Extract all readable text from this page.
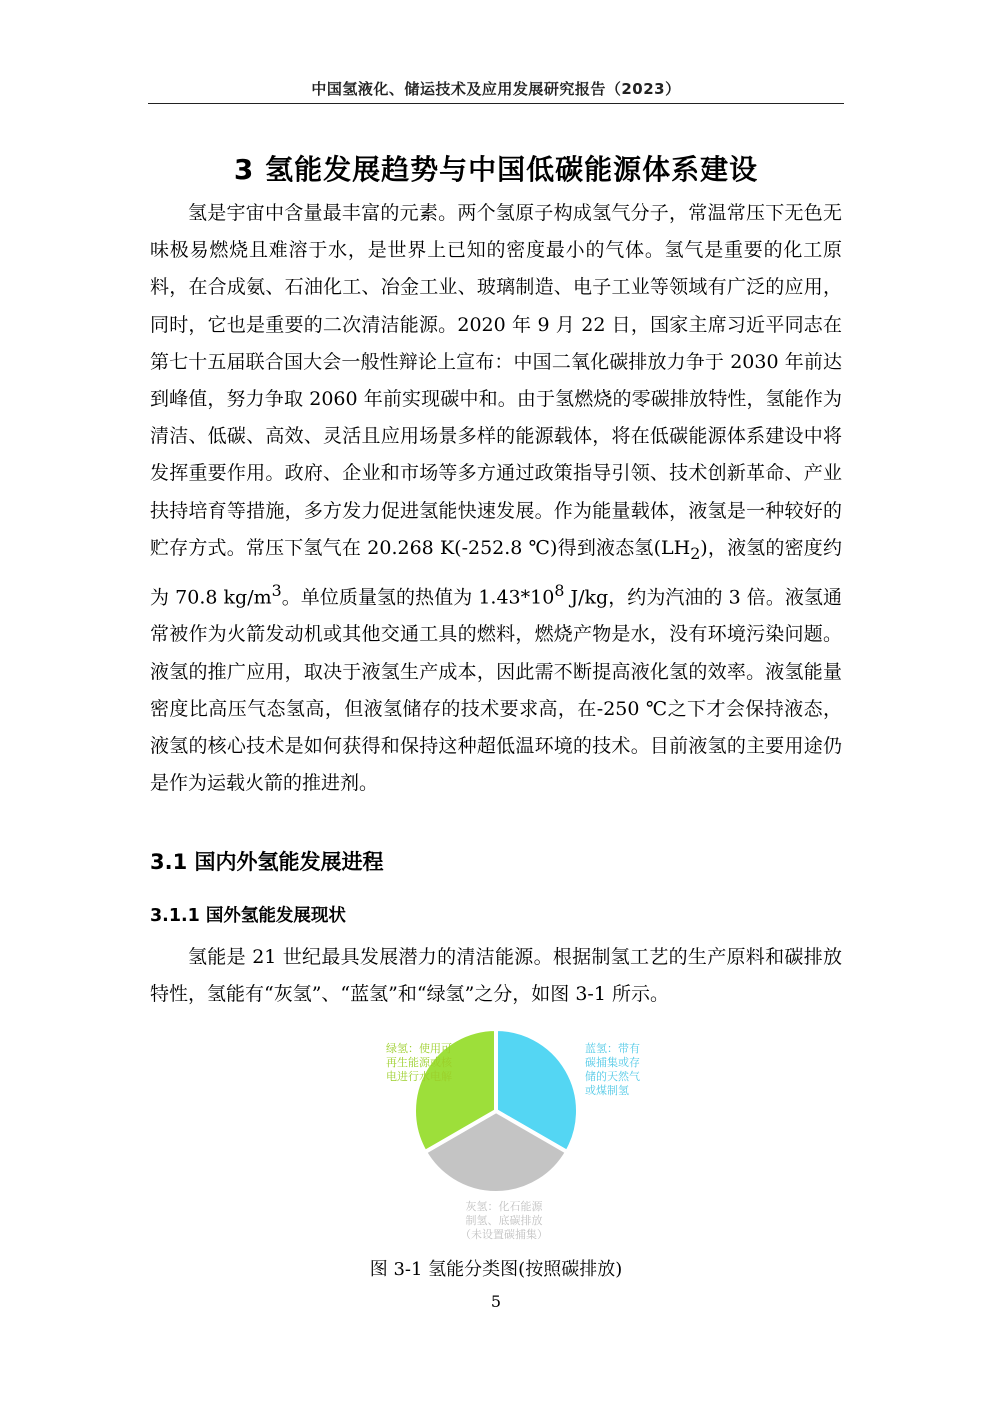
中国氢液化、储运技术及应用发展研究报告（2023）
3 氢能发展趋势与中国低碳能源体系建设

氢是宇宙中含量最丰富的元素。两个氢原子构成氢气分子，常温常压下无色无味极易燃烧且难溶于水，是世界上已知的密度最小的气体。氢气是重要的化工原料，在合成氨、石油化工、冶金工业、玻璃制造、电子工业等领域有广泛的应用，同时，它也是重要的二次清洁能源。2020 年 9 月 22 日，国家主席习近平同志在第七十五届联合国大会一般性辩论上宣布：中国二氧化碳排放力争于 2030 年前达到峰值，努力争取 2060 年前实现碳中和。由于氢燃烧的零碳排放特性，氢能作为清洁、低碳、高效、灵活且应用场景多样的能源载体，将在低碳能源体系建设中将发挥重要作用。政府、企业和市场等多方通过政策指导引领、技术创新革命、产业扶持培育等措施，多方发力促进氢能快速发展。作为能量载体，液氢是一种较好的贮存方式。常压下氢气在 20.268 K(-252.8 ℃)得到液态氢$(LH_2)$，液氢的密度约为 70.8 $kg/m^3$。单位质量氢的热值为 $1.43*10^8$ J/kg，约为汽油的 3 倍。液氢通常被作为火箭发动机或其他交通工具的燃料，燃烧产物是水，没有环境污染问题。液氢的推广应用，取决于液氢生产成本，因此需不断提高液化氢的效率。液氢能量密度比高压气态氢高，但液氢储存的技术要求高，在-250 ℃之下才会保持液态，液氢的核心技术是如何获得和保持这种超低温环境的技术。目前液氢的主要用途仍是作为运载火箭的推进剂。

3.1 国内外氢能发展进程
3.1.1 国外氢能发展现状

氢能是 21 世纪最具发展潜力的清洁能源。根据制氢工艺的生产原料和碳排放特性，氢能有“灰氢”、“蓝氢”和“绿氢”之分，如图 3-1 所示。

绿氢：使用可
再生能源或核
电进行水电解
蓝氢：带有
碳捕集或存
储的天然气
或煤制氢
灰氢：化石能源
制氢、底碳排放
（未设置碳捕集）
图 3-1 氢能分类图(按照碳排放)
5
